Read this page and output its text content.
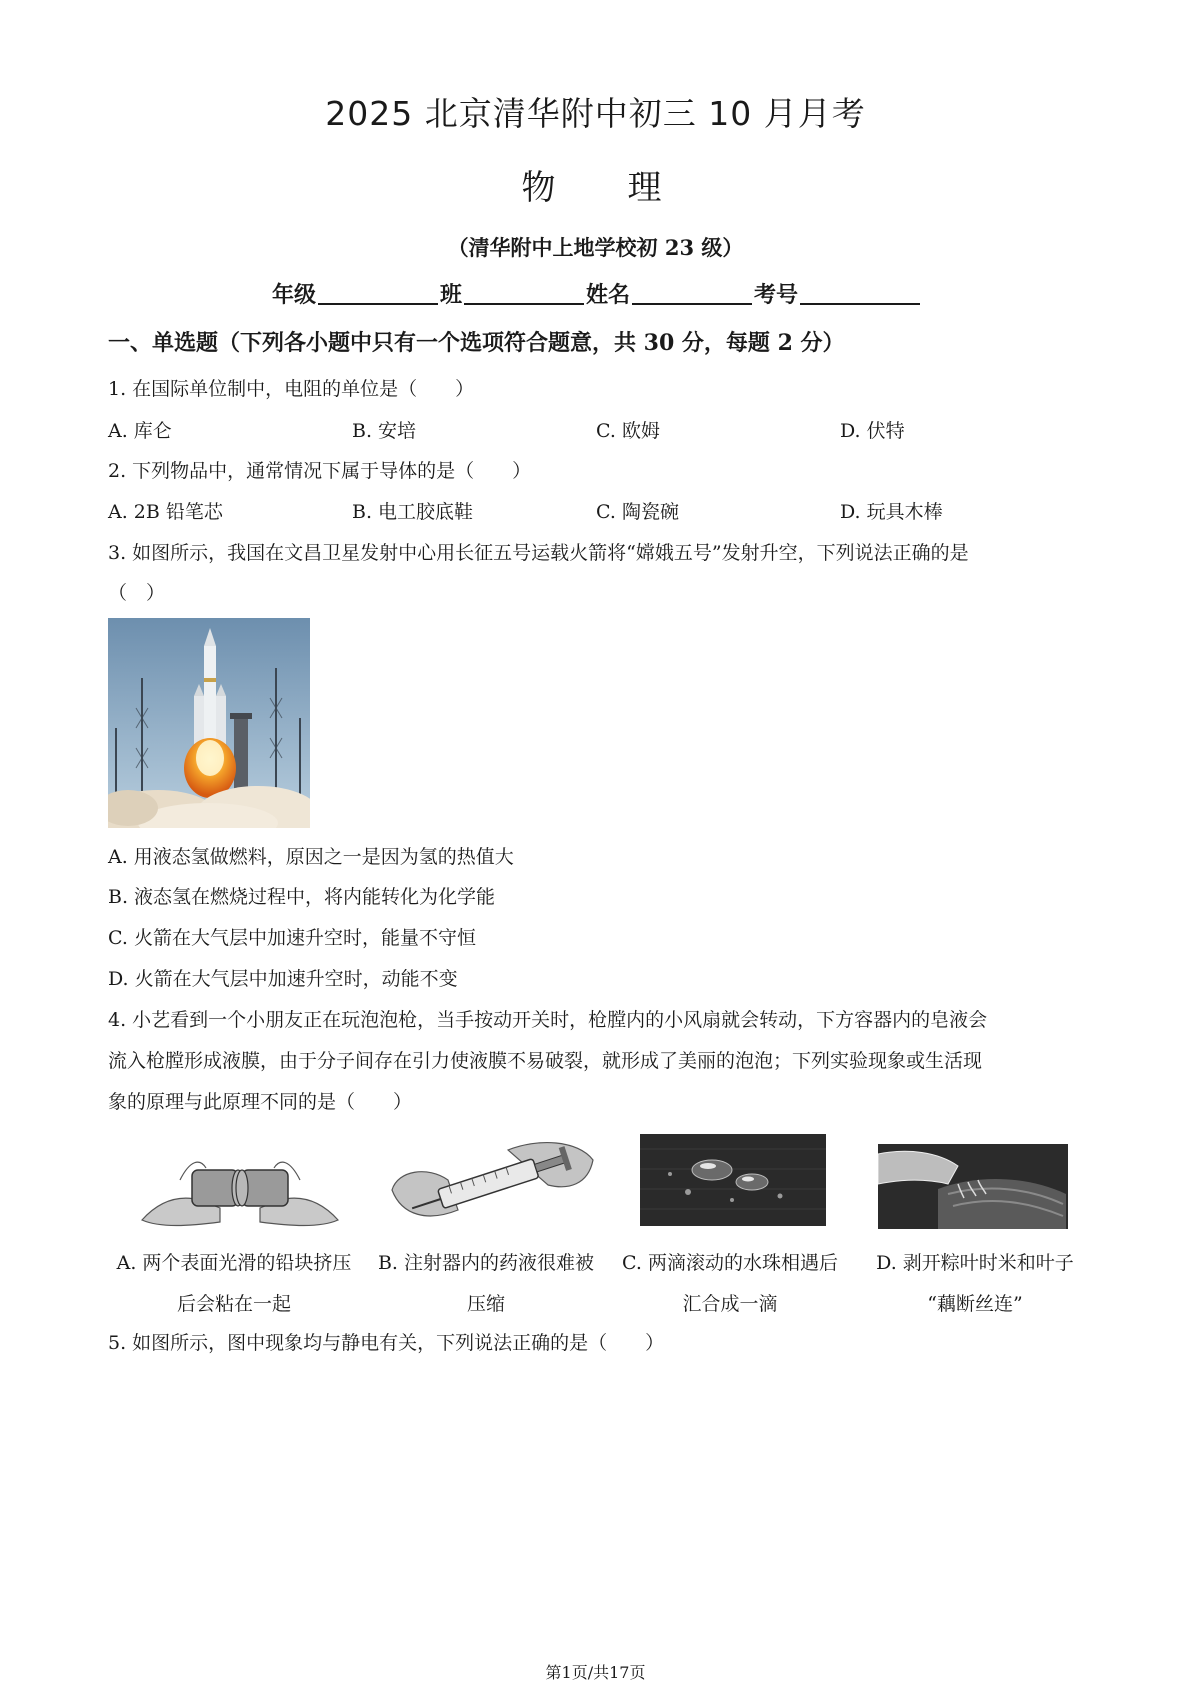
2025 北京清华附中初三 10 月月考
物 理
（清华附中上地学校初 23 级）
年级	班	姓名	考号
一、单选题（下列各小题中只有一个选项符合题意，共 30 分，每题 2 分）
1. 在国际单位制中，电阻的单位是（　　）
A. 库仑	B. 安培	C. 欧姆	D. 伏特
2. 下列物品中，通常情况下属于导体的是（　　）
A. 2B 铅笔芯	B. 电工胶底鞋	C. 陶瓷碗	D. 玩具木棒
3. 如图所示，我国在文昌卫星发射中心用长征五号运载火箭将“嫦娥五号”发射升空，下列说法正确的是
（　）
A. 用液态氢做燃料，原因之一是因为氢的热值大
B. 液态氢在燃烧过程中，将内能转化为化学能
C. 火箭在大气层中加速升空时，能量不守恒
D. 火箭在大气层中加速升空时，动能不变
4. 小艺看到一个小朋友正在玩泡泡枪，当手按动开关时，枪膛内的小风扇就会转动，下方容器内的皂液会
流入枪膛形成液膜，由于分子间存在引力使液膜不易破裂，就形成了美丽的泡泡；下列实验现象或生活现
象的原理与此原理不同的是（　　）
A. 两个表面光滑的铅块挤压
后会粘在一起
B. 注射器内的药液很难被
压缩
C. 两滴滚动的水珠相遇后
汇合成一滴
D. 剥开粽叶时米和叶子
“藕断丝连”
5. 如图所示，图中现象均与静电有关，下列说法正确的是（　　）
第1页/共17页
